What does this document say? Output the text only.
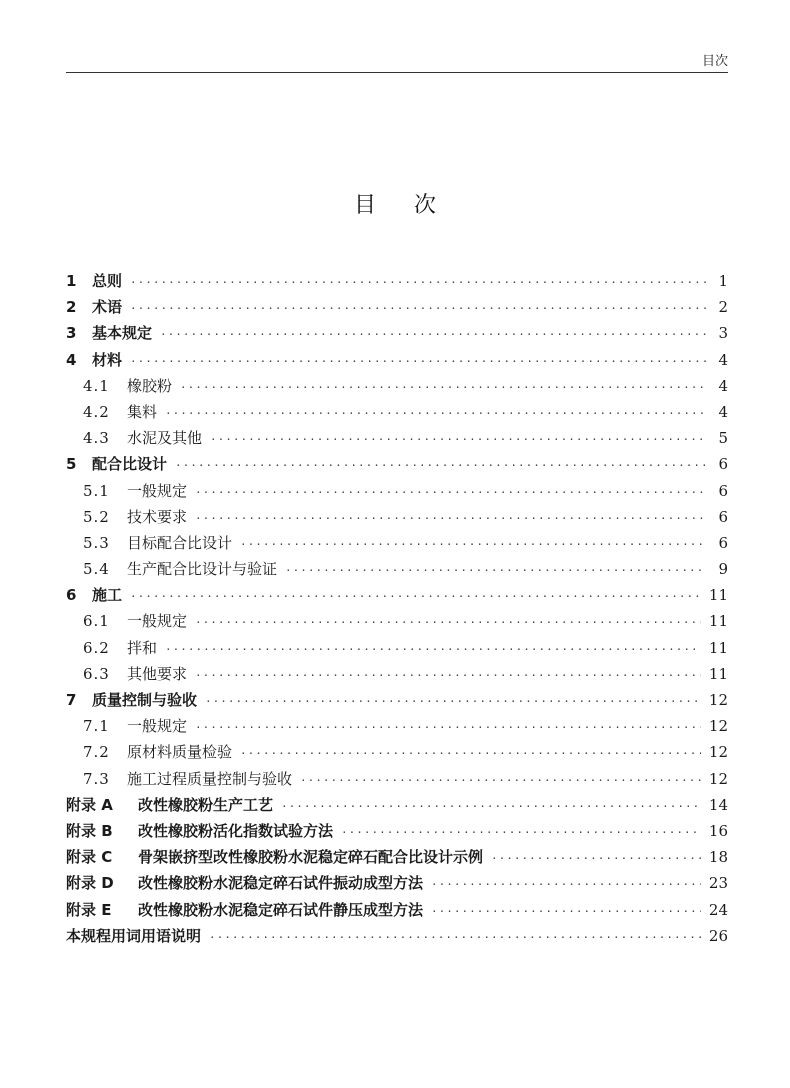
目次
目次
1	总则 ·····	1
2	术语 ·····	2
3	基本规定 ·····	3
4	材料 ·····	4
4.1	橡胶粉 ·····	4
4.2	集料 ·····	4
4.3	水泥及其他 ·····	5
5	配合比设计 ·····	6
5.1	一般规定 ·····	6
5.2	技术要求 ·····	6
5.3	目标配合比设计 ·····	6
5.4	生产配合比设计与验证 ·····	9
6	施工 ·····	11
6.1	一般规定 ·····	11
6.2	拌和 ·····	11
6.3	其他要求 ·····	11
7	质量控制与验收 ·····	12
7.1	一般规定 ·····	12
7.2	原材料质量检验 ·····	12
7.3	施工过程质量控制与验收 ·····	12
附录 A	改性橡胶粉生产工艺 ·····	14
附录 B	改性橡胶粉活化指数试验方法 ·····	16
附录 C	骨架嵌挤型改性橡胶粉水泥稳定碎石配合比设计示例 ·····	18
附录 D	改性橡胶粉水泥稳定碎石试件振动成型方法 ·····	23
附录 E	改性橡胶粉水泥稳定碎石试件静压成型方法 ·····	24
本规程用词用语说明 ·····	26
